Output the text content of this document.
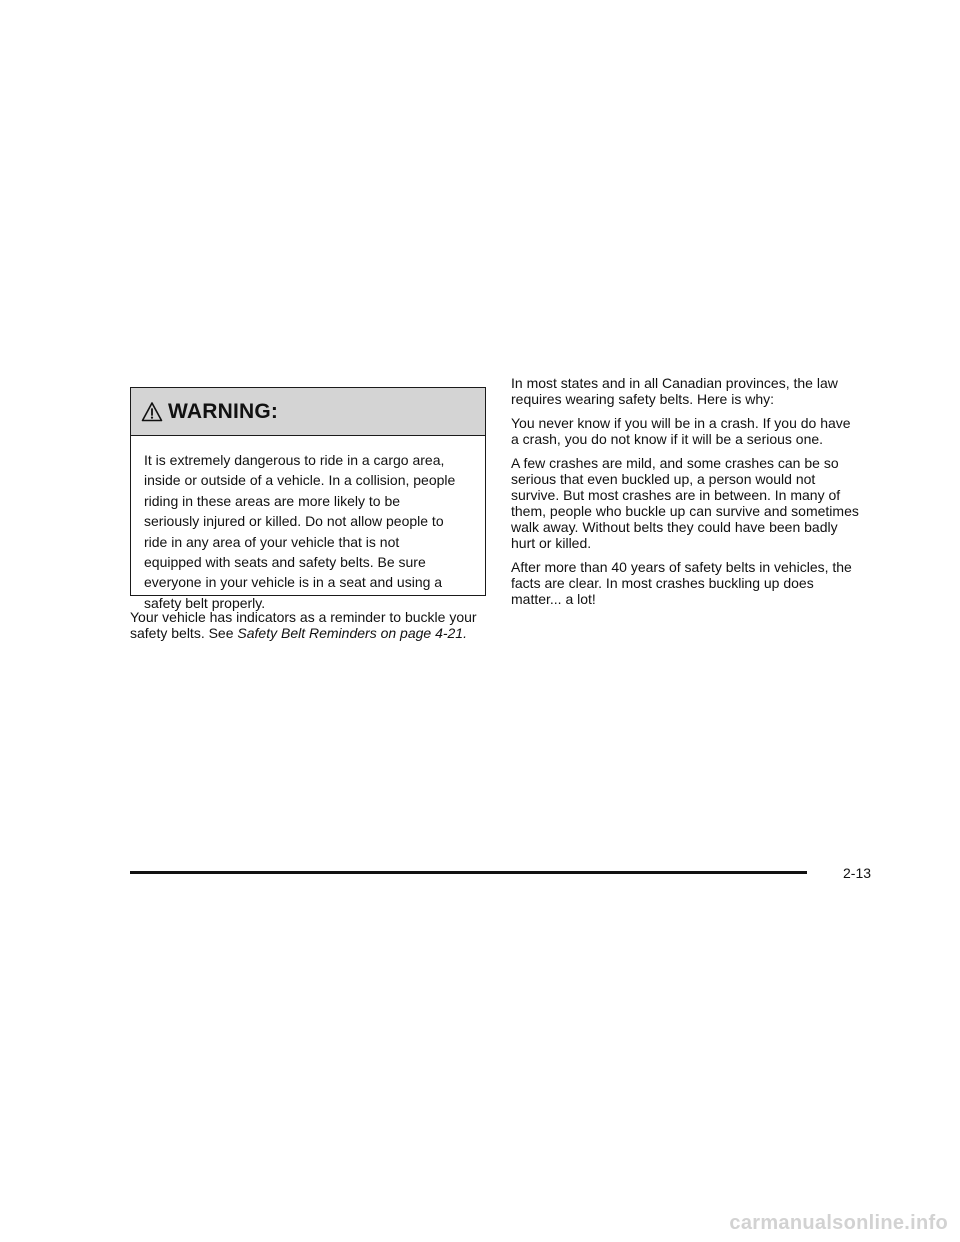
WARNING:
It is extremely dangerous to ride in a cargo area,
inside or outside of a vehicle. In a collision, people
riding in these areas are more likely to be
seriously injured or killed. Do not allow people to
ride in any area of your vehicle that is not
equipped with seats and safety belts. Be sure
everyone in your vehicle is in a seat and using a
safety belt properly.
Your vehicle has indicators as a reminder to buckle your
safety belts. See Safety Belt Reminders on page 4-21.
In most states and in all Canadian provinces, the law
requires wearing safety belts. Here is why:
You never know if you will be in a crash. If you do have
a crash, you do not know if it will be a serious one.
A few crashes are mild, and some crashes can be so
serious that even buckled up, a person would not
survive. But most crashes are in between. In many of
them, people who buckle up can survive and sometimes
walk away. Without belts they could have been badly
hurt or killed.
After more than 40 years of safety belts in vehicles, the
facts are clear. In most crashes buckling up does
matter... a lot!
2-13
carmanualsonline.info
